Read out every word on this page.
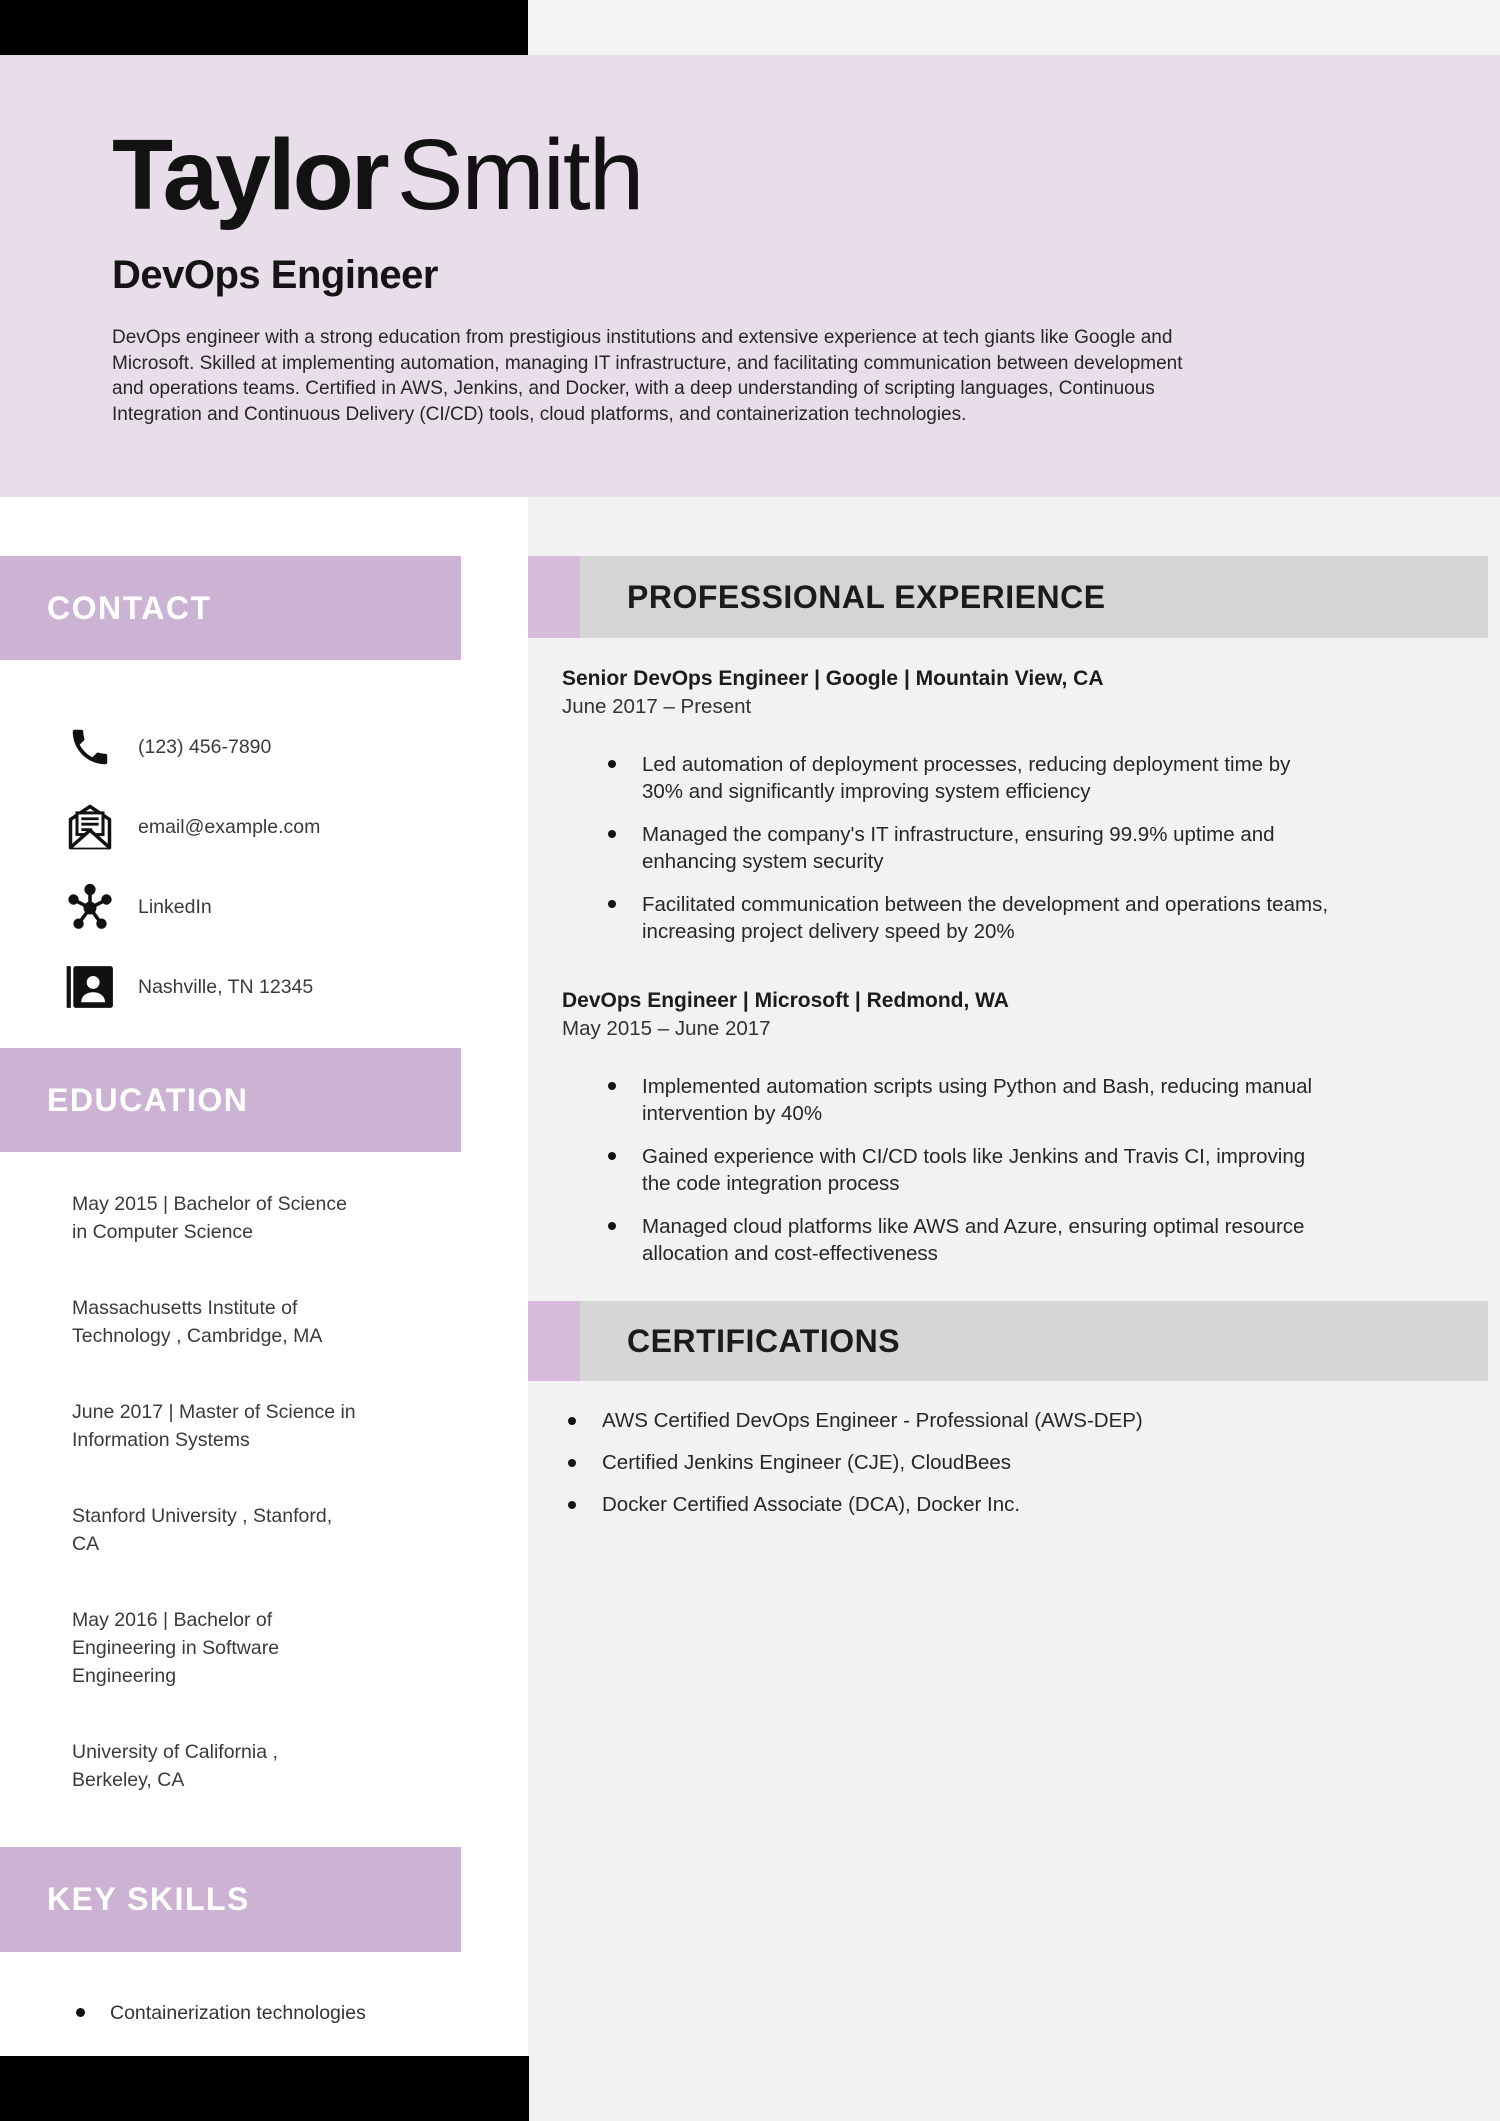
Taylor Smith
DevOps Engineer

DevOps engineer with a strong education from prestigious institutions and extensive experience at tech giants like Google and
Microsoft. Skilled at implementing automation, managing IT infrastructure, and facilitating communication between development
and operations teams. Certified in AWS, Jenkins, and Docker, with a deep understanding of scripting languages, Continuous
Integration and Continuous Delivery (CI/CD) tools, cloud platforms, and containerization technologies.

CONTACT
(123) 456-7890
email@example.com
LinkedIn
Nashville, TN 12345
EDUCATION
May 2015 | Bachelor of Science
in Computer Science
Massachusetts Institute of
Technology , Cambridge, MA
June 2017 | Master of Science in
Information Systems
Stanford University , Stanford,
CA
May 2016 | Bachelor of
Engineering in Software
Engineering
University of California ,
Berkeley, CA
KEY SKILLS
Containerization technologies
PROFESSIONAL EXPERIENCE
Senior DevOps Engineer | Google | Mountain View, CA
June 2017 – Present
Led automation of deployment processes, reducing deployment time by
30% and significantly improving system efficiency
Managed the company's IT infrastructure, ensuring 99.9% uptime and
enhancing system security
Facilitated communication between the development and operations teams,
increasing project delivery speed by 20%
DevOps Engineer | Microsoft | Redmond, WA
May 2015 – June 2017
Implemented automation scripts using Python and Bash, reducing manual
intervention by 40%
Gained experience with CI/CD tools like Jenkins and Travis CI, improving
the code integration process
Managed cloud platforms like AWS and Azure, ensuring optimal resource
allocation and cost-effectiveness
CERTIFICATIONS
AWS Certified DevOps Engineer - Professional (AWS-DEP)
Certified Jenkins Engineer (CJE), CloudBees
Docker Certified Associate (DCA), Docker Inc.
